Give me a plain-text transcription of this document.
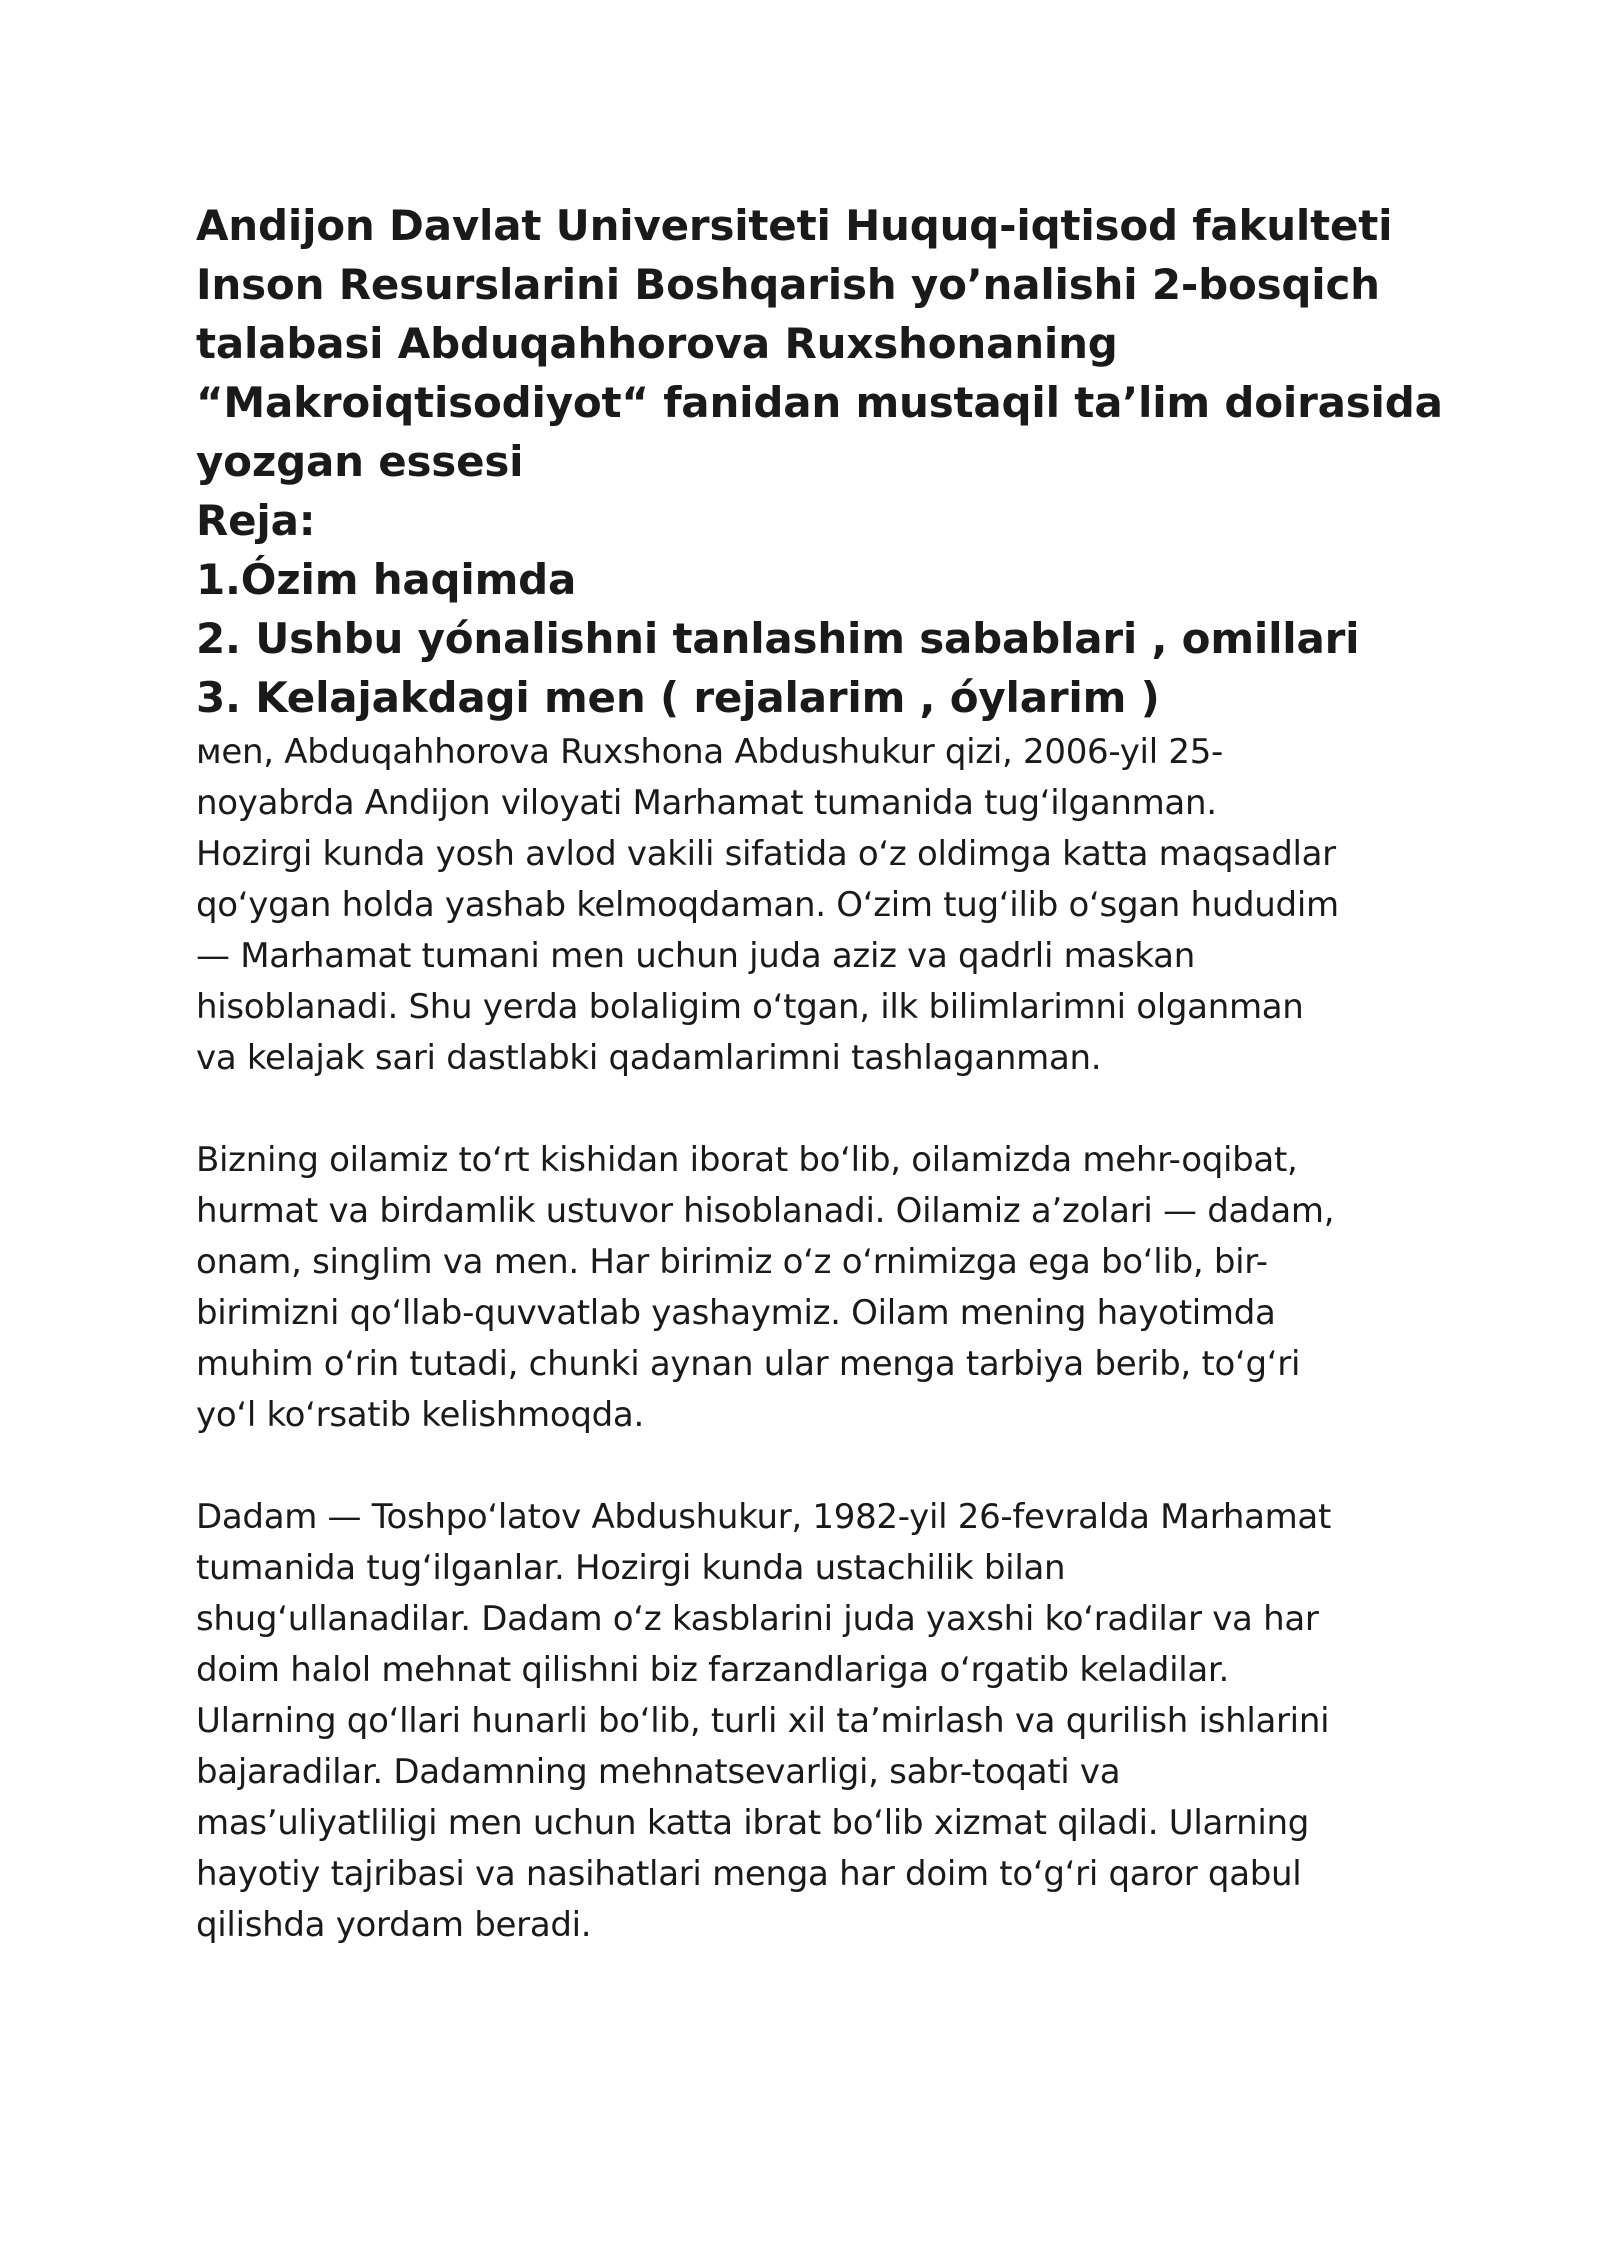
Andijon Davlat Universiteti Huquq-iqtisod fakulteti
Inson Resurslarini Boshqarish yo’nalishi 2-bosqich
talabasi Abduqahhorova Ruxshonaning
“Makroiqtisodiyot“ fanidan mustaqil ta’lim doirasida
yozgan essesi
Reja:
1.Ózim haqimda
2. Ushbu yónalishni tanlashim sabablari , omillari
3. Kelajakdagi men ( rejalarim , óylarim )

мen, Abduqahhorova Ruxshona Abdushukur qizi, 2006-yil 25-
noyabrda Andijon viloyati Marhamat tumanida tug‘ilganman.
Hozirgi kunda yosh avlod vakili sifatida o‘z oldimga katta maqsadlar
qo‘ygan holda yashab kelmoqdaman. O‘zim tug‘ilib o‘sgan hududim
— Marhamat tumani men uchun juda aziz va qadrli maskan
hisoblanadi. Shu yerda bolaligim o‘tgan, ilk bilimlarimni olganman
va kelajak sari dastlabki qadamlarimni tashlaganman.

Bizning oilamiz to‘rt kishidan iborat bo‘lib, oilamizda mehr-oqibat,
hurmat va birdamlik ustuvor hisoblanadi. Oilamiz a’zolari — dadam,
onam, singlim va men. Har birimiz o‘z o‘rnimizga ega bo‘lib, bir-
birimizni qo‘llab-quvvatlab yashaymiz. Oilam mening hayotimda
muhim o‘rin tutadi, chunki aynan ular menga tarbiya berib, to‘g‘ri
yo‘l ko‘rsatib kelishmoqda.

Dadam — Toshpo‘latov Abdushukur, 1982-yil 26-fevralda Marhamat
tumanida tug‘ilganlar. Hozirgi kunda ustachilik bilan
shug‘ullanadilar. Dadam o‘z kasblarini juda yaxshi ko‘radilar va har
doim halol mehnat qilishni biz farzandlariga o‘rgatib keladilar.
Ularning qo‘llari hunarli bo‘lib, turli xil ta’mirlash va qurilish ishlarini
bajaradilar. Dadamning mehnatsevarligi, sabr-toqati va
mas’uliyatliligi men uchun katta ibrat bo‘lib xizmat qiladi. Ularning
hayotiy tajribasi va nasihatlari menga har doim to‘g‘ri qaror qabul
qilishda yordam beradi.
